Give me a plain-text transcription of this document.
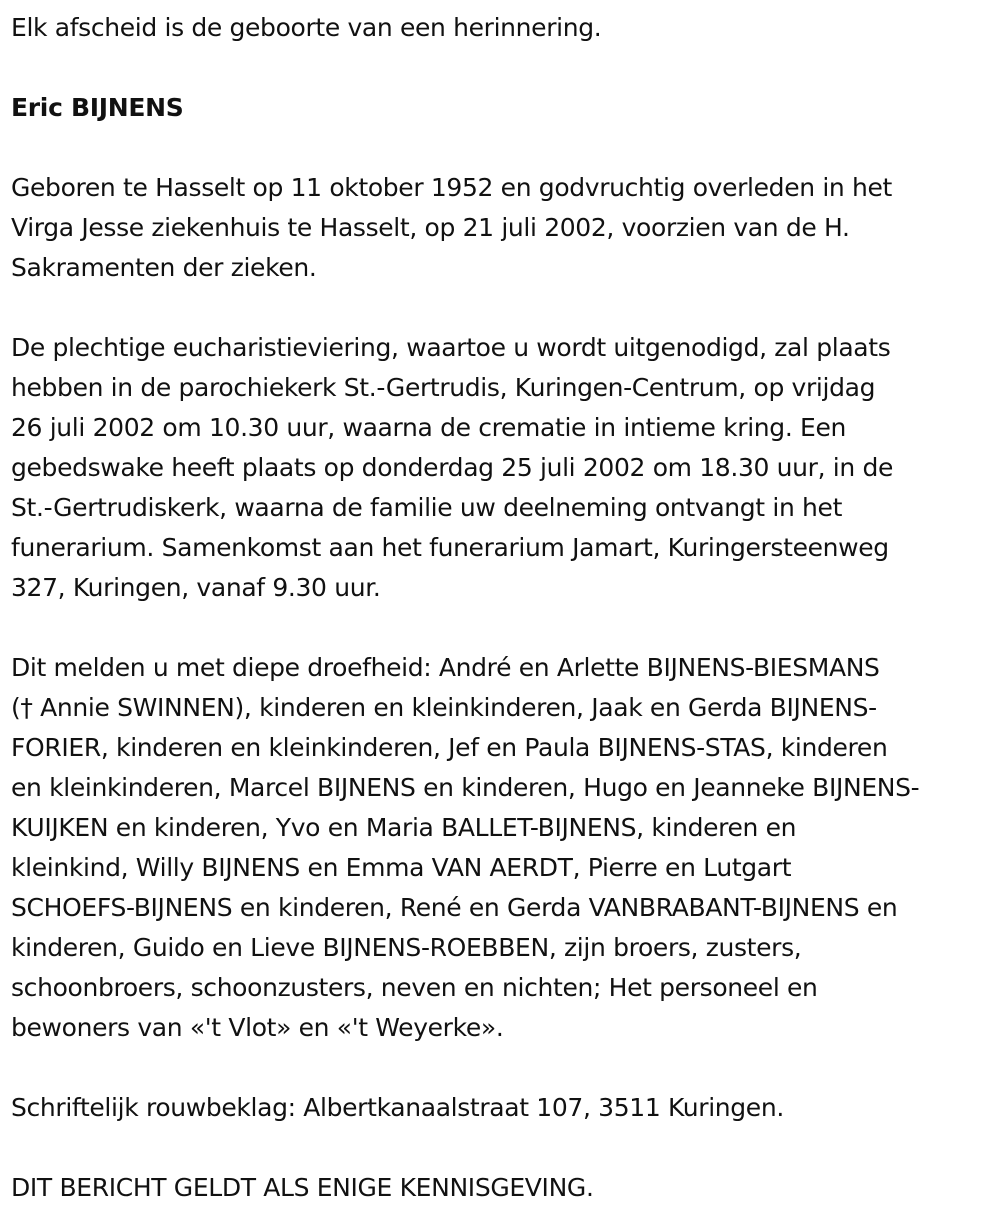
Elk afscheid is de geboorte van een herinnering.

Eric BIJNENS

Geboren te Hasselt op 11 oktober 1952 en godvruchtig overleden in het
Virga Jesse ziekenhuis te Hasselt, op 21 juli 2002, voorzien van de H.
Sakramenten der zieken.

De plechtige eucharistieviering, waartoe u wordt uitgenodigd, zal plaats
hebben in de parochiekerk St.-Gertrudis, Kuringen-Centrum, op vrijdag
26 juli 2002 om 10.30 uur, waarna de crematie in intieme kring. Een
gebedswake heeft plaats op donderdag 25 juli 2002 om 18.30 uur, in de
St.-Gertrudiskerk, waarna de familie uw deelneming ontvangt in het
funerarium. Samenkomst aan het funerarium Jamart, Kuringersteenweg
327, Kuringen, vanaf 9.30 uur.

Dit melden u met diepe droefheid: André en Arlette BIJNENS-BIESMANS
(† Annie SWINNEN), kinderen en kleinkinderen, Jaak en Gerda BIJNENS-
FORIER, kinderen en kleinkinderen, Jef en Paula BIJNENS-STAS, kinderen
en kleinkinderen, Marcel BIJNENS en kinderen, Hugo en Jeanneke BIJNENS-
KUIJKEN en kinderen, Yvo en Maria BALLET-BIJNENS, kinderen en
kleinkind, Willy BIJNENS en Emma VAN AERDT, Pierre en Lutgart
SCHOEFS-BIJNENS en kinderen, René en Gerda VANBRABANT-BIJNENS en
kinderen, Guido en Lieve BIJNENS-ROEBBEN, zijn broers, zusters,
schoonbroers, schoonzusters, neven en nichten; Het personeel en
bewoners van «'t Vlot» en «'t Weyerke».

Schriftelijk rouwbeklag: Albertkanaalstraat 107, 3511 Kuringen.

DIT BERICHT GELDT ALS ENIGE KENNISGEVING.
